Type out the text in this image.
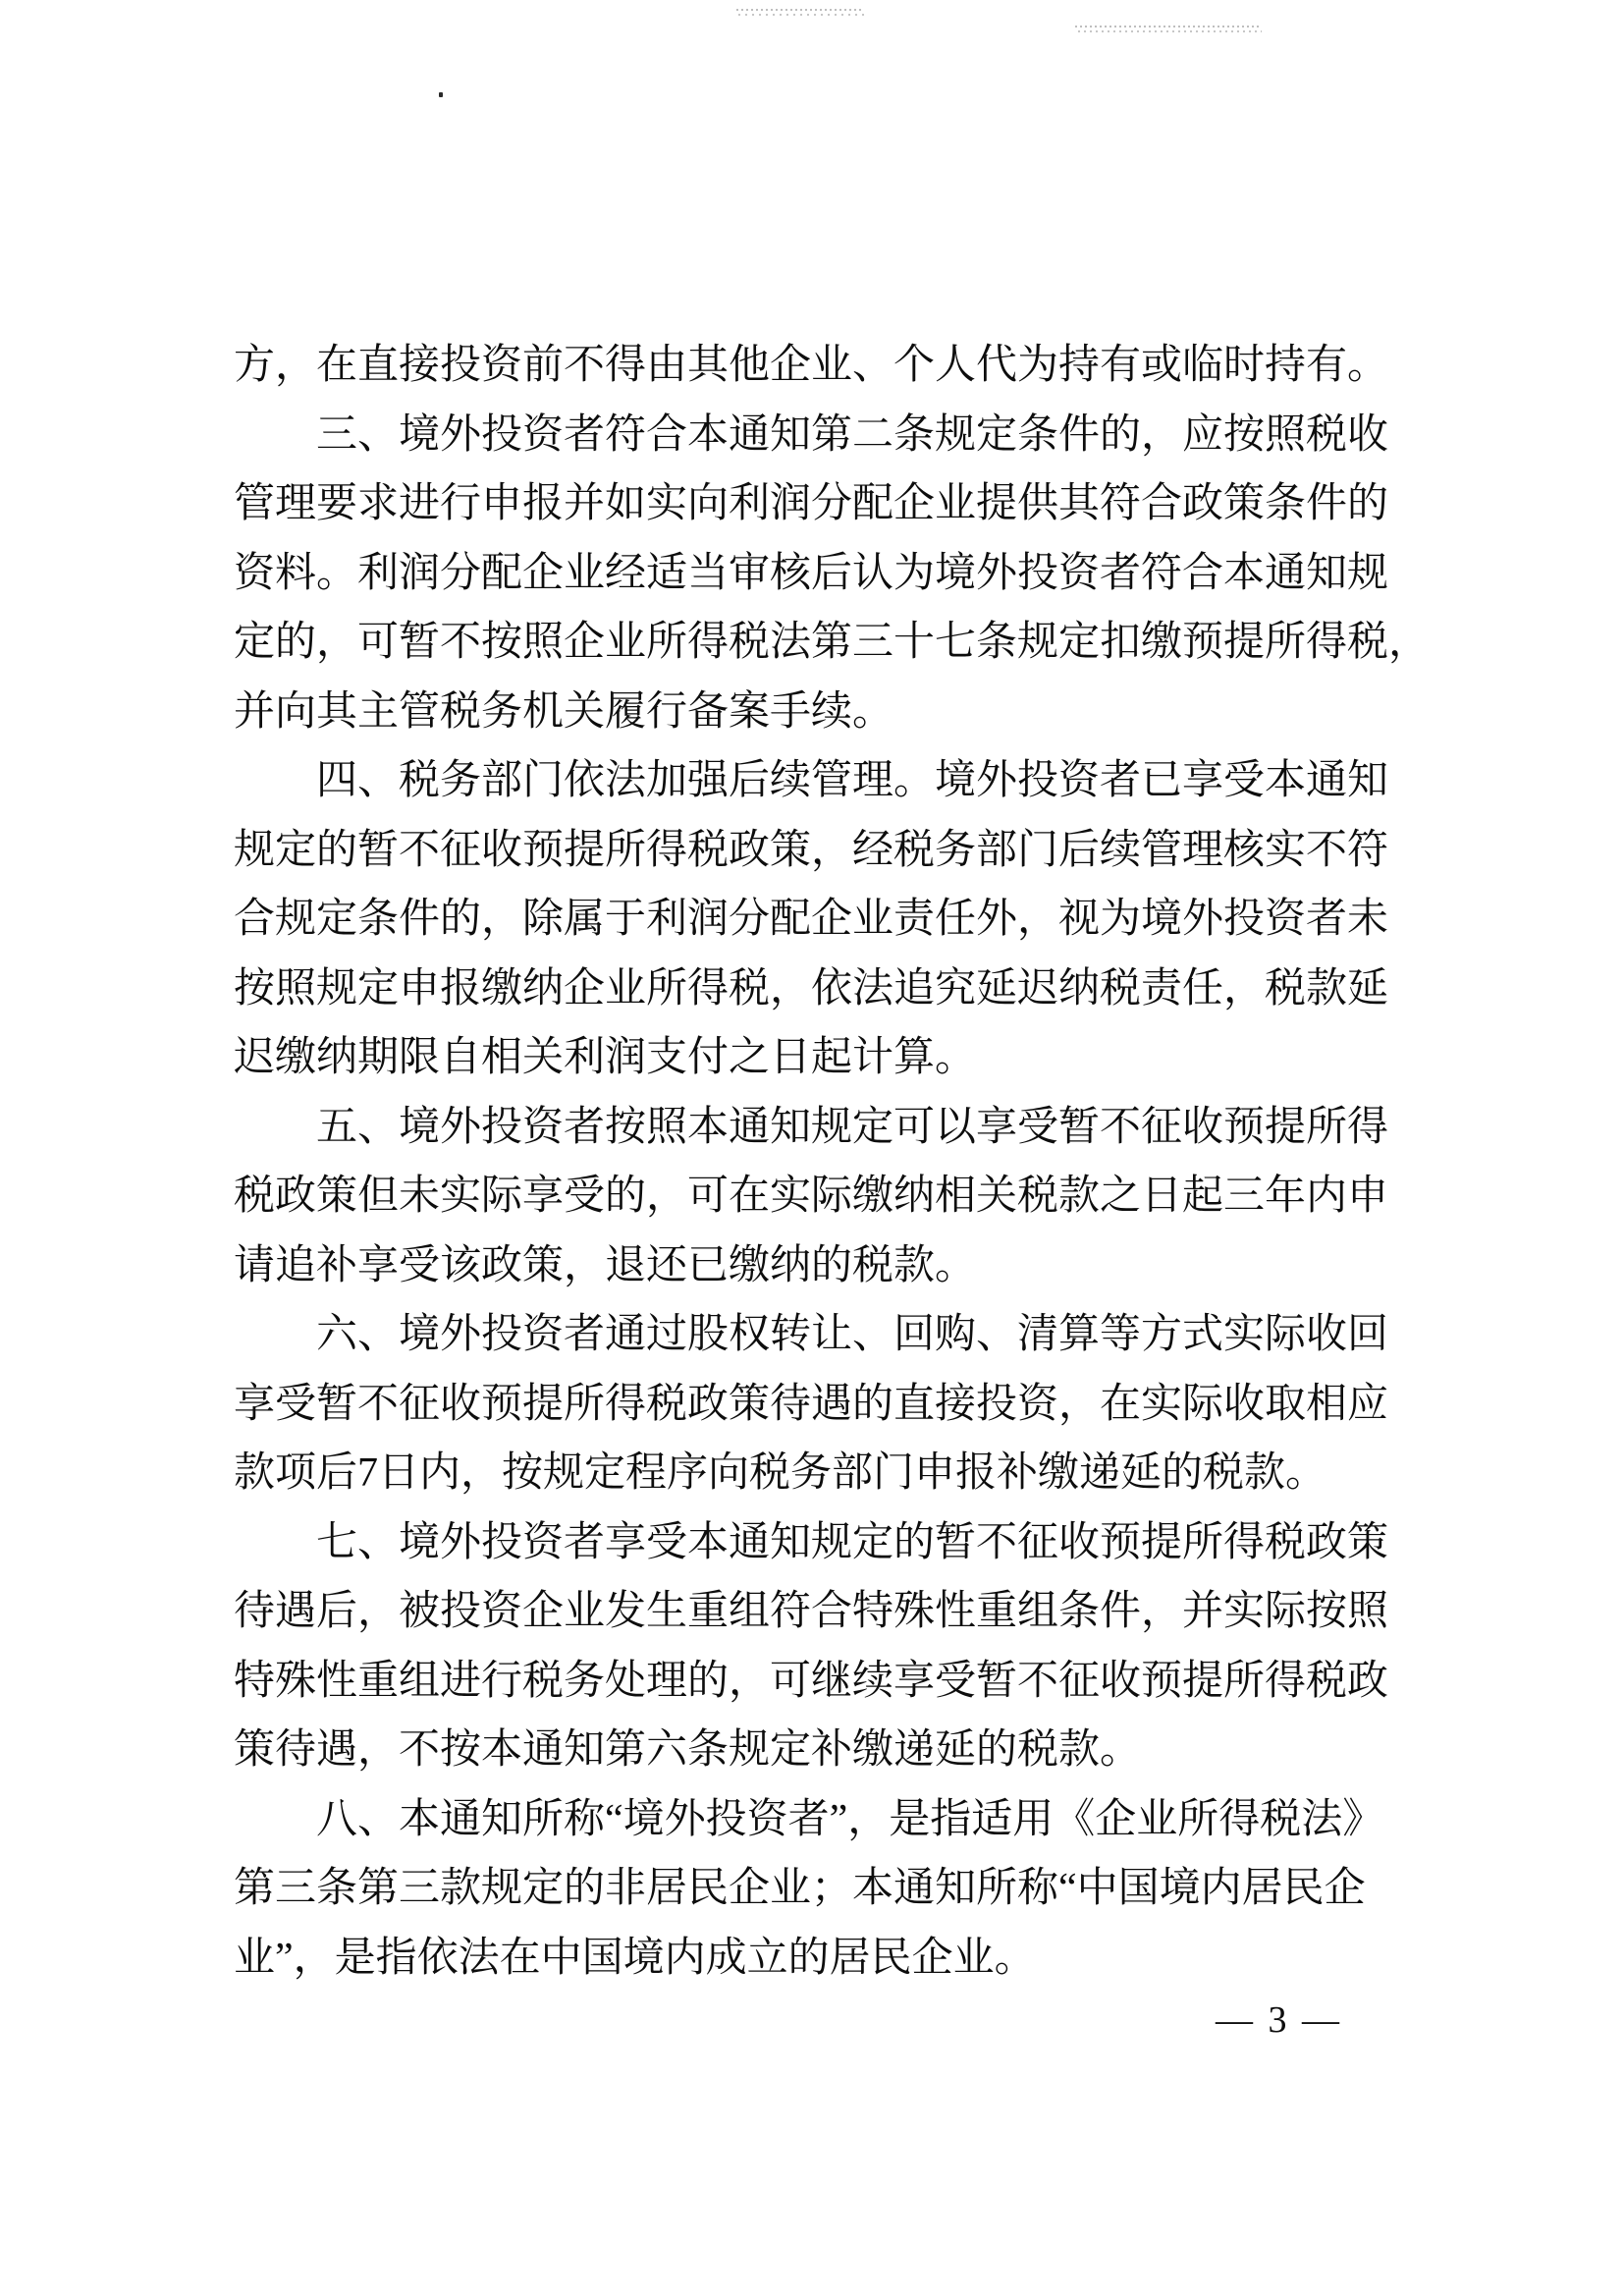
方，在直接投资前不得由其他企业、个人代为持有或临时持有。
三、境外投资者符合本通知第二条规定条件的，应按照税收
管理要求进行申报并如实向利润分配企业提供其符合政策条件的
资料。利润分配企业经适当审核后认为境外投资者符合本通知规
定的，可暂不按照企业所得税法第三十七条规定扣缴预提所得税，
并向其主管税务机关履行备案手续。
四、税务部门依法加强后续管理。境外投资者已享受本通知
规定的暂不征收预提所得税政策，经税务部门后续管理核实不符
合规定条件的，除属于利润分配企业责任外，视为境外投资者未
按照规定申报缴纳企业所得税，依法追究延迟纳税责任，税款延
迟缴纳期限自相关利润支付之日起计算。
五、境外投资者按照本通知规定可以享受暂不征收预提所得
税政策但未实际享受的，可在实际缴纳相关税款之日起三年内申
请追补享受该政策，退还已缴纳的税款。
六、境外投资者通过股权转让、回购、清算等方式实际收回
享受暂不征收预提所得税政策待遇的直接投资，在实际收取相应
款项后7日内，按规定程序向税务部门申报补缴递延的税款。
七、境外投资者享受本通知规定的暂不征收预提所得税政策
待遇后，被投资企业发生重组符合特殊性重组条件，并实际按照
特殊性重组进行税务处理的，可继续享受暂不征收预提所得税政
策待遇，不按本通知第六条规定补缴递延的税款。
八、本通知所称“境外投资者”，是指适用《企业所得税法》
第三条第三款规定的非居民企业；本通知所称“中国境内居民企
业”，是指依法在中国境内成立的居民企业。
— 3 —
